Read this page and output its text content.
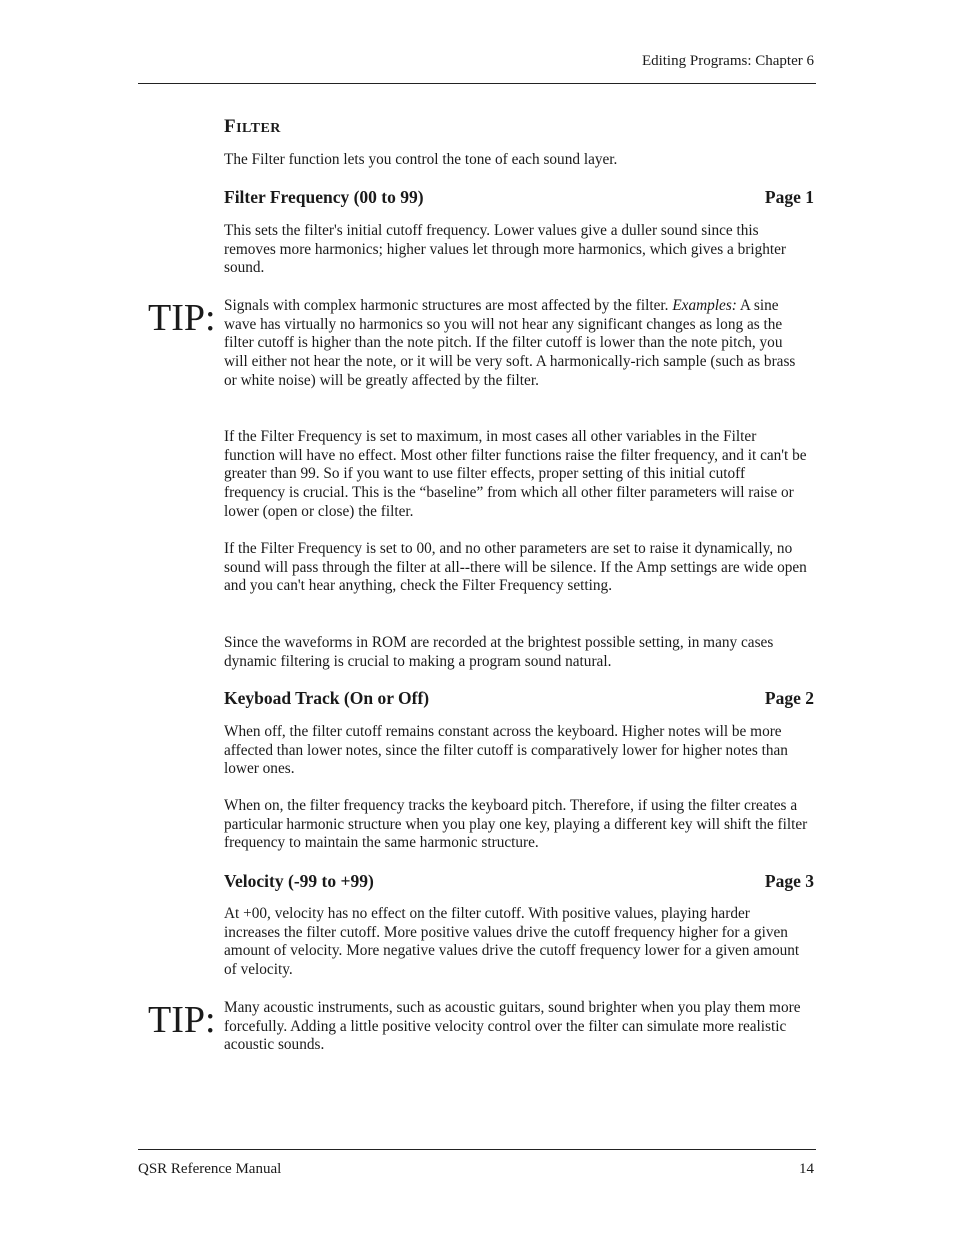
Editing Programs: Chapter 6
FILTER
The Filter function lets you control the tone of each sound layer.
Filter Frequency (00 to 99)	Page 1
This sets the filter's initial cutoff frequency. Lower values give a duller sound since this removes more harmonics; higher values let through more harmonics, which gives a brighter sound.
TIP: Signals with complex harmonic structures are most affected by the filter. Examples: A sine wave has virtually no harmonics so you will not hear any significant changes as long as the filter cutoff is higher than the note pitch. If the filter cutoff is lower than the note pitch, you will either not hear the note, or it will be very soft. A harmonically-rich sample (such as brass or white noise) will be greatly affected by the filter.
If the Filter Frequency is set to maximum, in most cases all other variables in the Filter function will have no effect. Most other filter functions raise the filter frequency, and it can't be greater than 99. So if you want to use filter effects, proper setting of this initial cutoff frequency is crucial. This is the “baseline” from which all other filter parameters will raise or lower (open or close) the filter.
If the Filter Frequency is set to 00, and no other parameters are set to raise it dynamically, no sound will pass through the filter at all--there will be silence. If the Amp settings are wide open and you can't hear anything, check the Filter Frequency setting.
Since the waveforms in ROM are recorded at the brightest possible setting, in many cases dynamic filtering is crucial to making a program sound natural.
Keyboad Track (On or Off)	Page 2
When off, the filter cutoff remains constant across the keyboard. Higher notes will be more affected than lower notes, since the filter cutoff is comparatively lower for higher notes than lower ones.
When on, the filter frequency tracks the keyboard pitch. Therefore, if using the filter creates a particular harmonic structure when you play one key, playing a different key will shift the filter frequency to maintain the same harmonic structure.
Velocity (-99 to +99)	Page 3
At +00, velocity has no effect on the filter cutoff. With positive values, playing harder increases the filter cutoff. More positive values drive the cutoff frequency higher for a given amount of velocity. More negative values drive the cutoff frequency lower for a given amount of velocity.
TIP: Many acoustic instruments, such as acoustic guitars, sound brighter when you play them more forcefully. Adding a little positive velocity control over the filter can simulate more realistic acoustic sounds.
QSR Reference Manual	14
